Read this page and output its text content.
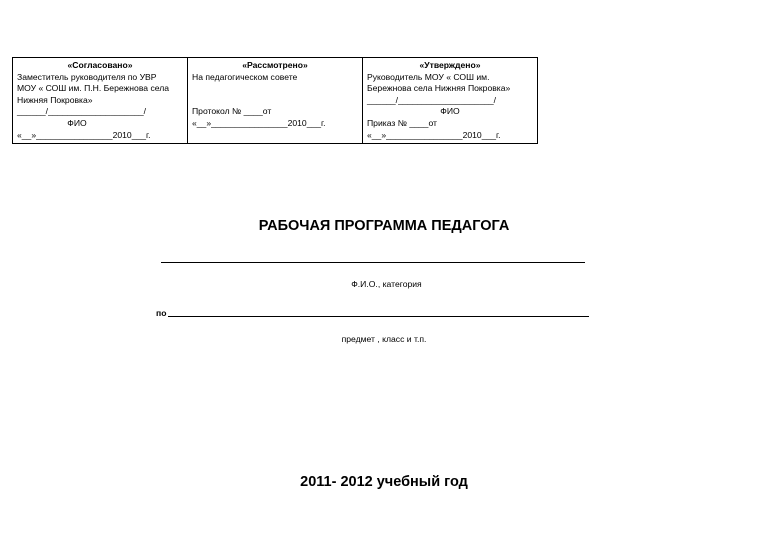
«Согласовано»
Заместитель руководителя по УВР
МОУ « СОШ им. П.Н. Бережнова села
Нижняя Покровка»
______/____________________/
ФИО
«__»________________2010___г.
«Рассмотрено»
На педагогическом совете
Протокол № ____от
«__»________________2010___г.
«Утверждено»
Руководитель МОУ « СОШ им.
Бережнова села Нижняя Покровка»
______/____________________/
ФИО
Приказ № ____от
«__»________________2010___г.
РАБОЧАЯ ПРОГРАММА ПЕДАГОГА
Ф.И.О., категория
по
предмет , класс и т.п.
2011- 2012 учебный год
